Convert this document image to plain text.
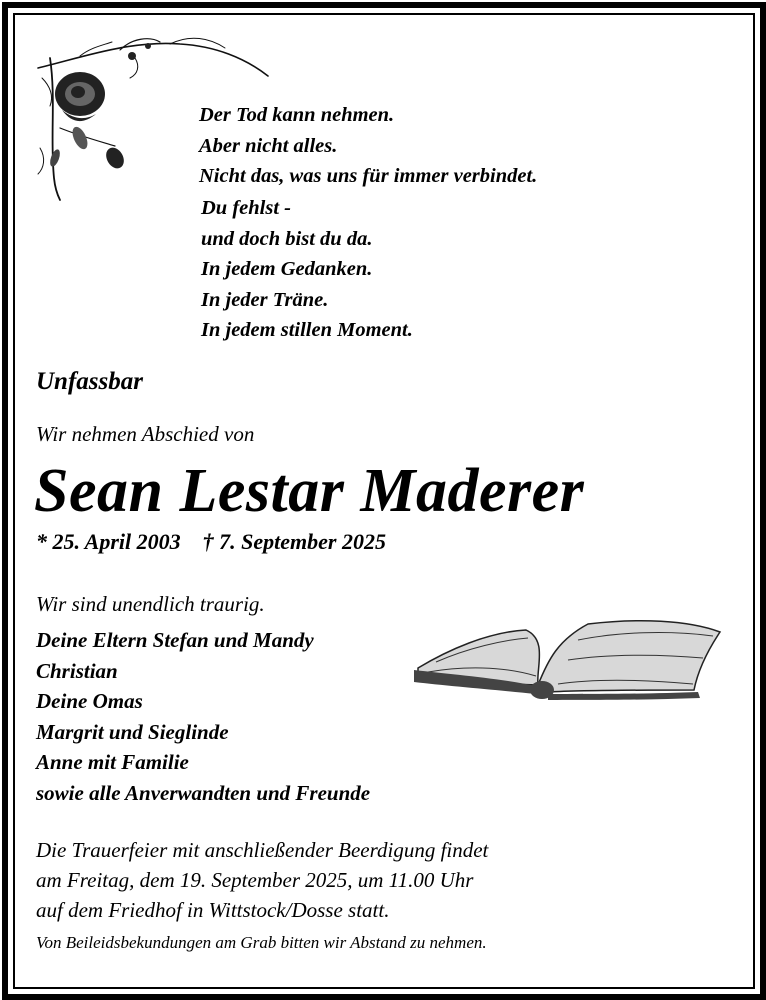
Der Tod kann nehmen.
Aber nicht alles.
Nicht das, was uns für immer verbindet.
Du fehlst -
und doch bist du da.
In jedem Gedanken.
In jeder Träne.
In jedem stillen Moment.
Unfassbar
Wir nehmen Abschied von
Sean Lestar Maderer
* 25. April 2003 † 7. September 2025
Wir sind unendlich traurig.
Deine Eltern Stefan und Mandy
Christian
Deine Omas
Margrit und Sieglinde
Anne mit Familie
sowie alle Anverwandten und Freunde
Die Trauerfeier mit anschließender Beerdigung findet
am Freitag, dem 19. September 2025, um 11.00 Uhr
auf dem Friedhof in Wittstock/Dosse statt.
Von Beileidsbekundungen am Grab bitten wir Abstand zu nehmen.
